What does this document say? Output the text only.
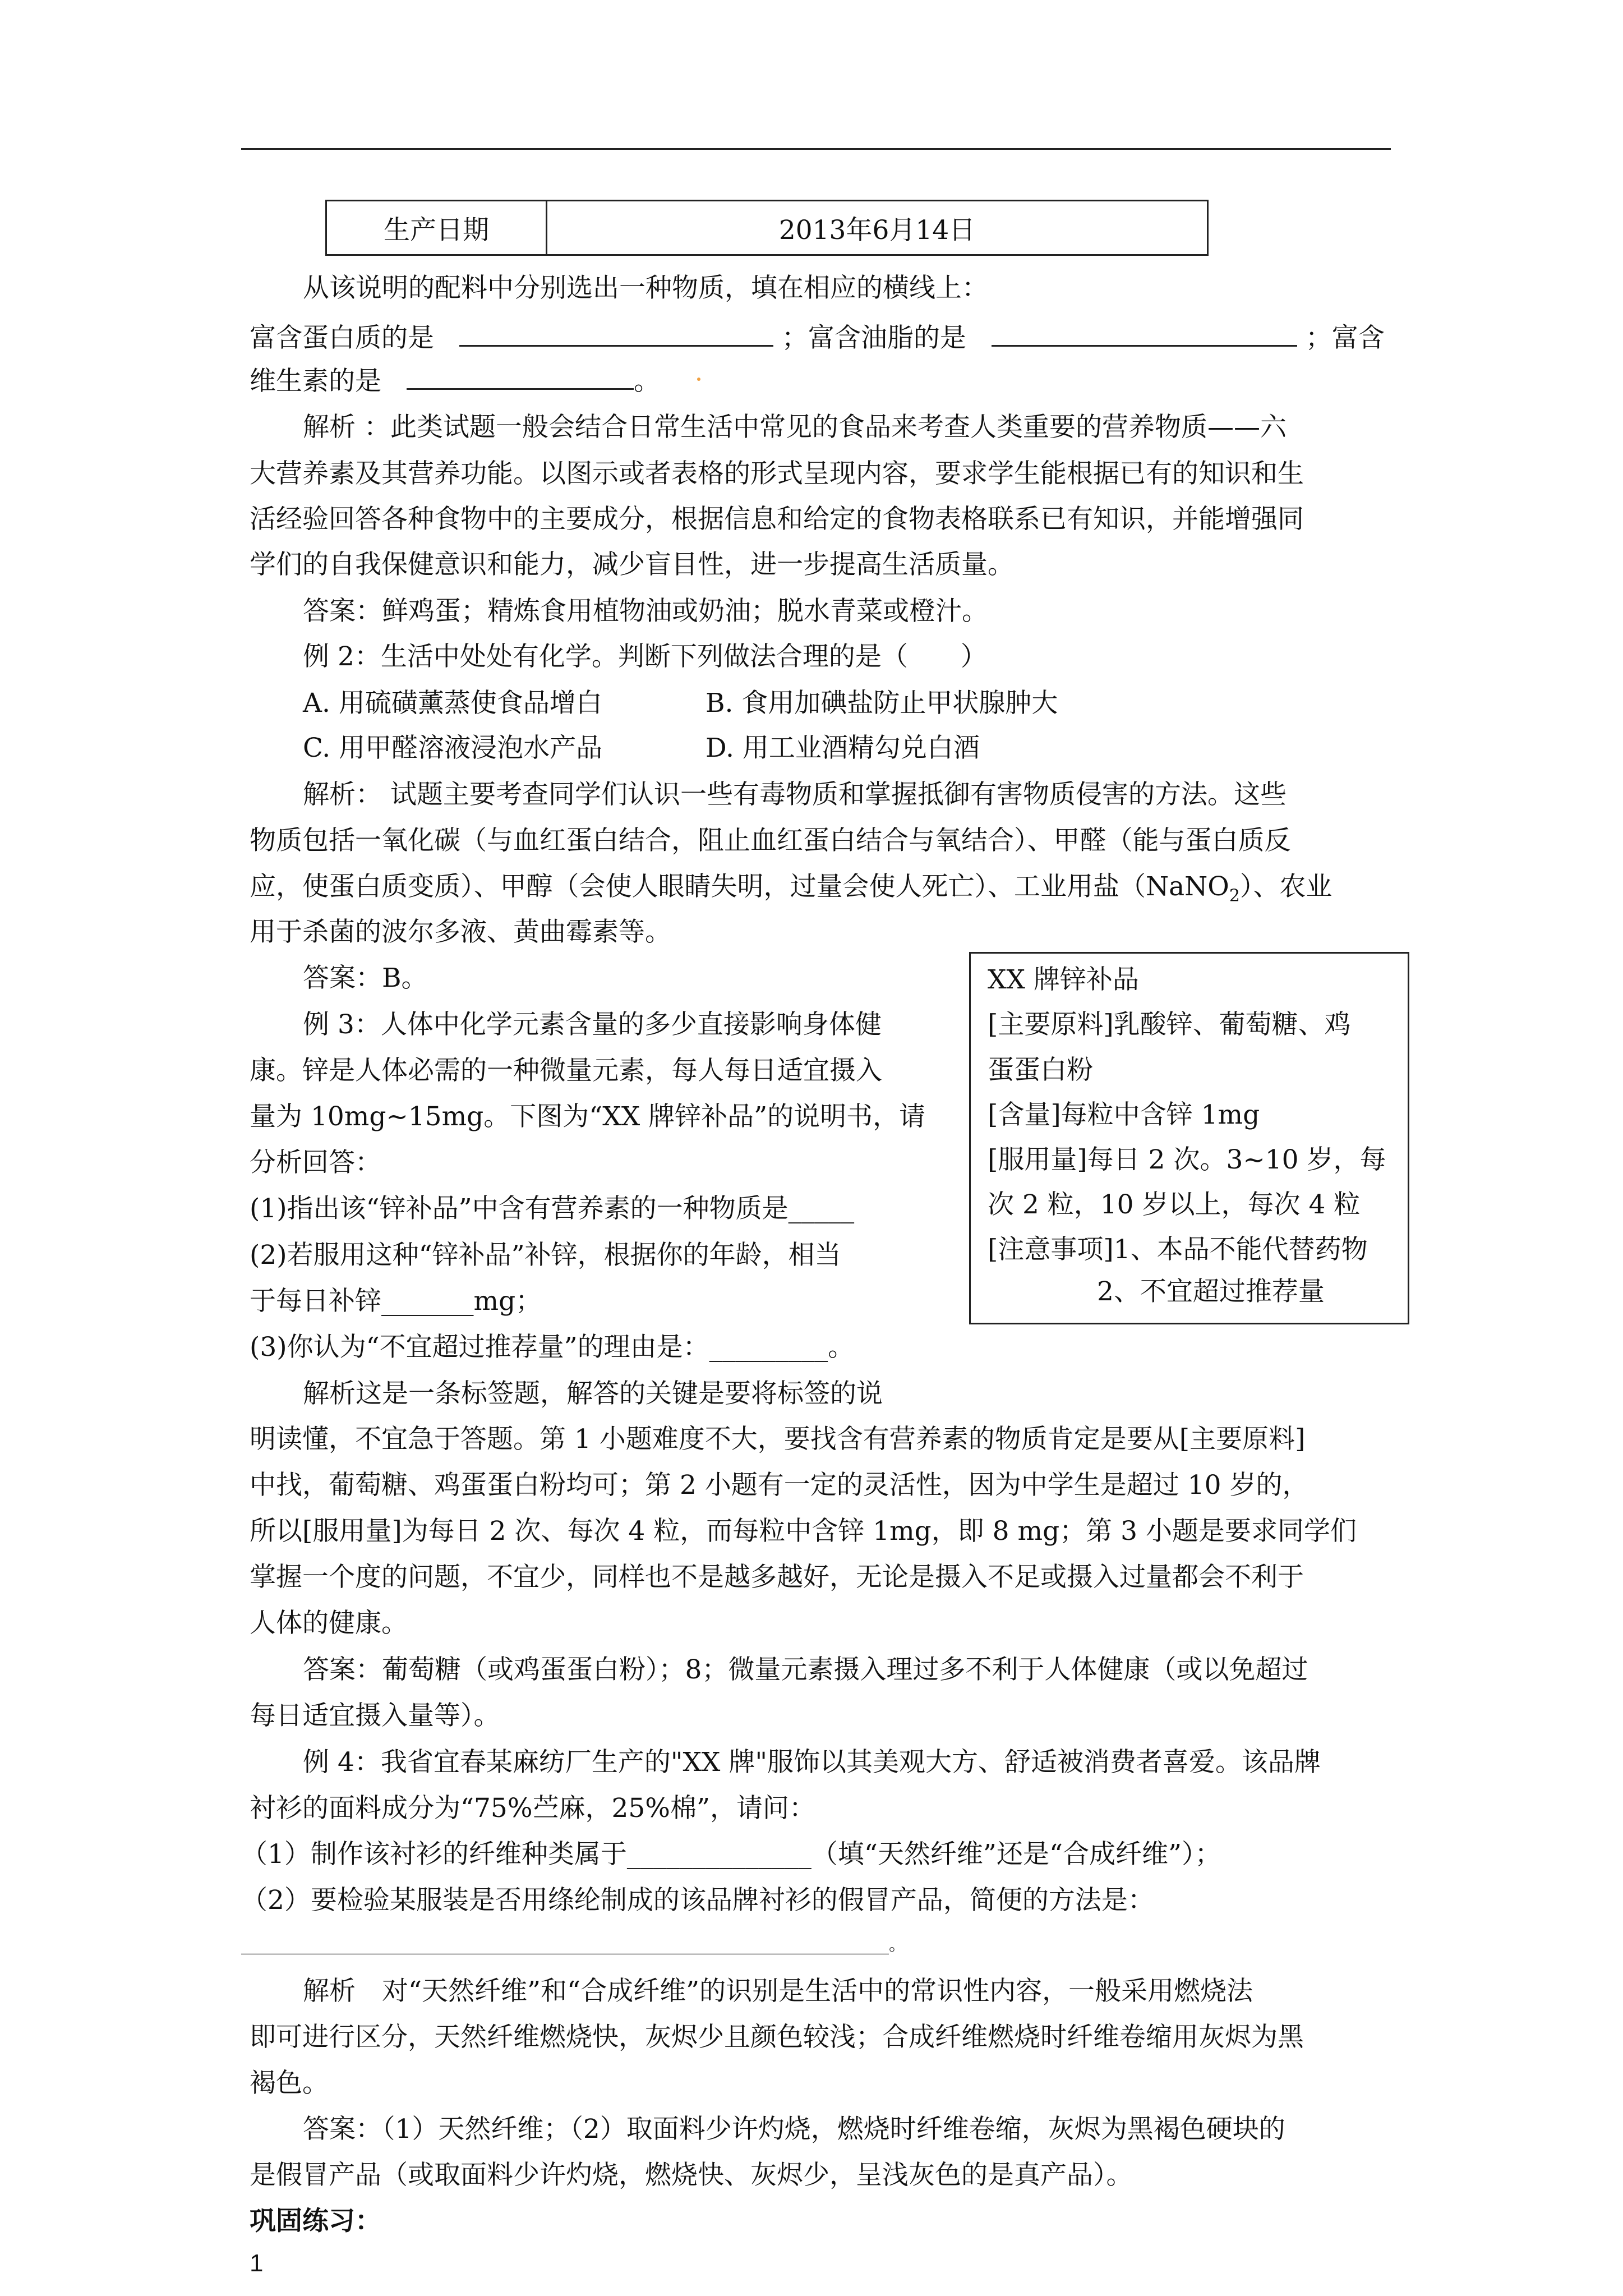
生产日期	2013年6月14日
从该说明的配料中分别选出一种物质，填在相应的横线上：
富含蛋白质的是	；富含油脂的是	；富含
维生素的是	。
解析 ：此类试题一般会结合日常生活中常见的食品来考查人类重要的营养物质——六
大营养素及其营养功能。以图示或者表格的形式呈现内容，要求学生能根据已有的知识和生
活经验回答各种食物中的主要成分，根据信息和给定的食物表格联系已有知识，并能增强同
学们的自我保健意识和能力，减少盲目性，进一步提高生活质量。
答案：鲜鸡蛋；精炼食用植物油或奶油；脱水青菜或橙汁。
例 2：生活中处处有化学。判断下列做法合理的是（　　）
A. 用硫磺薰蒸使食品增白	B. 食用加碘盐防止甲状腺肿大
C. 用甲醛溶液浸泡水产品	D. 用工业酒精勾兑白酒
解析： 试题主要考查同学们认识一些有毒物质和掌握抵御有害物质侵害的方法。这些
物质包括一氧化碳（与血红蛋白结合，阻止血红蛋白结合与氧结合）、甲醛（能与蛋白质反
应，使蛋白质变质）、甲醇（会使人眼睛失明，过量会使人死亡）、工业用盐（NaNO$_2$）、农业
用于杀菌的波尔多液、黄曲霉素等。
答案：B。
例 3：人体中化学元素含量的多少直接影响身体健
康。锌是人体必需的一种微量元素，每人每日适宜摄入
量为 10mg~15mg。下图为“XX 牌锌补品”的说明书，请
分析回答：
(1)指出该“锌补品”中含有营养素的一种物质是_____
(2)若服用这种“锌补品”补锌，根据你的年龄，相当
于每日补锌_______mg；
(3)你认为“不宜超过推荐量”的理由是：_________。
解析这是一条标签题，解答的关键是要将标签的说
XX 牌锌补品
[主要原料]乳酸锌、葡萄糖、鸡
蛋蛋白粉
[含量]每粒中含锌 1mg
[服用量]每日 2 次。3~10 岁，每
次 2 粒，10 岁以上，每次 4 粒
[注意事项]1、本品不能代替药物
2、不宜超过推荐量
明读懂，不宜急于答题。第 1 小题难度不大，要找含有营养素的物质肯定是要从[主要原料]
中找，葡萄糖、鸡蛋蛋白粉均可；第 2 小题有一定的灵活性，因为中学生是超过 10 岁的，
所以[服用量]为每日 2 次、每次 4 粒，而每粒中含锌 1mg，即 8 mg；第 3 小题是要求同学们
掌握一个度的问题，不宜少，同样也不是越多越好，无论是摄入不足或摄入过量都会不利于
人体的健康。
答案：葡萄糖（或鸡蛋蛋白粉）；8；微量元素摄入理过多不利于人体健康（或以免超过
每日适宜摄入量等）。
例 4：我省宜春某麻纺厂生产的"XX 牌"服饰以其美观大方、舒适被消费者喜爱。该品牌
衬衫的面料成分为“75%苎麻，25%棉”，请问：
（1）制作该衬衫的纤维种类属于______________（填“天然纤维”还是“合成纤维”）；
（2）要检验某服装是否用绦纶制成的该品牌衬衫的假冒产品，简便的方法是：
_____________________________________________________________________________。
解析　对“天然纤维”和“合成纤维”的识别是生活中的常识性内容，一般采用燃烧法
即可进行区分，天然纤维燃烧快，灰烬少且颜色较浅；合成纤维燃烧时纤维卷缩用灰烬为黑
褐色。
答案：（1）天然纤维；（2）取面料少许灼烧，燃烧时纤维卷缩，灰烬为黑褐色硬块的
是假冒产品（或取面料少许灼烧，燃烧快、灰烬少，呈浅灰色的是真产品）。
巩固练习：
1
